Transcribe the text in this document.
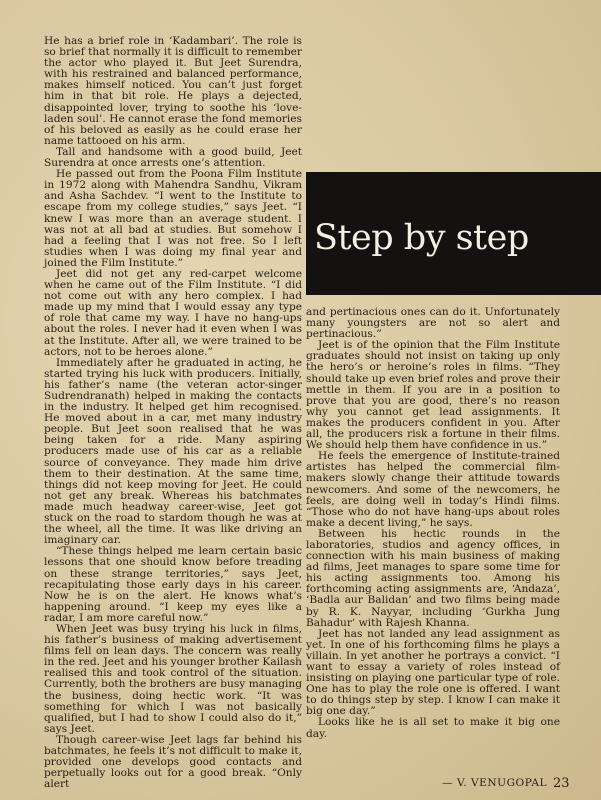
He has a brief role in ‘Kadambari’. The role is so brief that normally it is difficult to remember the actor who played it. But Jeet Surendra, with his restrained and balanced performance, makes himself noticed. You can’t just forget him in that bit role. He plays a dejected, disappointed lover, trying to soothe his ‘love-laden soul’. He cannot erase the fond memories of his beloved as easily as he could erase her name tattooed on his arm.

Tall and handsome with a good build, Jeet Surendra at once arrests one’s attention.

He passed out from the Poona Film Institute in 1972 along with Mahendra Sandhu, Vikram and Asha Sachdev. “I went to the Institute to escape from my college studies,” says Jeet. “I knew I was more than an average student. I was not at all bad at studies. But somehow I had a feeling that I was not free. So I left studies when I was doing my final year and joined the Film Institute.”

Jeet did not get any red-carpet welcome when he came out of the Film Institute. “I did not come out with any hero complex. I had made up my mind that I would essay any type of role that came my way. I have no hang-ups about the roles. I never had it even when I was at the Institute. After all, we were trained to be actors, not to be heroes alone.”

Immediately after he graduated in acting, he started trying his luck with producers. Initially, his father’s name (the veteran actor-singer Sudrendranath) helped in making the contacts in the industry. It helped get him recognised. He moved about in a car, met many industry people. But Jeet soon realised that he was being taken for a ride. Many aspiring producers made use of his car as a reliable source of conveyance. They made him drive them to their destination. At the same time, things did not keep moving for Jeet. He could not get any break. Whereas his batchmates made much headway career-wise, Jeet got stuck on the road to stardom though he was at the wheel, all the time. It was like driving an imaginary car.

“These things helped me learn certain basic lessons that one should know before treading on these strange territories,” says Jeet, recapitulating those early days in his career. Now he is on the alert. He knows what’s happening around. “I keep my eyes like a radar, I am more careful now.”

When Jeet was busy trying his luck in films, his father’s business of making advertisement films fell on lean days. The concern was really in the red. Jeet and his younger brother Kailash realised this and took control of the situation. Currently, both the brothers are busy managing the business, doing hectic work. “It was something for which I was not basically qualified, but I had to show I could also do it,” says Jeet.

Though career-wise Jeet lags far behind his batchmates, he feels it’s not difficult to make it, provided one develops good contacts and perpetually looks out for a good break. “Only alert

Step by step

and pertinacious ones can do it. Unfortunately many youngsters are not so alert and pertinacious.”

Jeet is of the opinion that the Film Institute graduates should not insist on taking up only the hero’s or heroine’s roles in films. “They should take up even brief roles and prove their mettle in them. If you are in a position to prove that you are good, there’s no reason why you cannot get lead assignments. It makes the producers confident in you. After all, the producers risk a fortune in their films. We should help them have confidence in us.”

He feels the emergence of Institute-trained artistes has helped the commercial film-makers slowly change their attitude towards newcomers. And some of the newcomers, he feels, are doing well in today’s Hindi films. “Those who do not have hang-ups about roles make a decent living,” he says.

Between his hectic rounds in the laboratories, studios and agency offices, in connection with his main business of making ad films, Jeet manages to spare some time for his acting assignments too. Among his forthcoming acting assignments are, ‘Andaza’, ‘Badla aur Balidan’ and two films being made by R. K. Nayyar, including ‘Gurkha Jung Bahadur’ with Rajesh Khanna.

Jeet has not landed any lead assignment as yet. In one of his forthcoming films he plays a villain. In yet another he portrays a convict. “I want to essay a variety of roles instead of insisting on playing one particular type of role. One has to play the role one is offered. I want to do things step by step. I know I can make it big one day.”

Looks like he is all set to make it big one day.

— V. VENUGOPAL 23
